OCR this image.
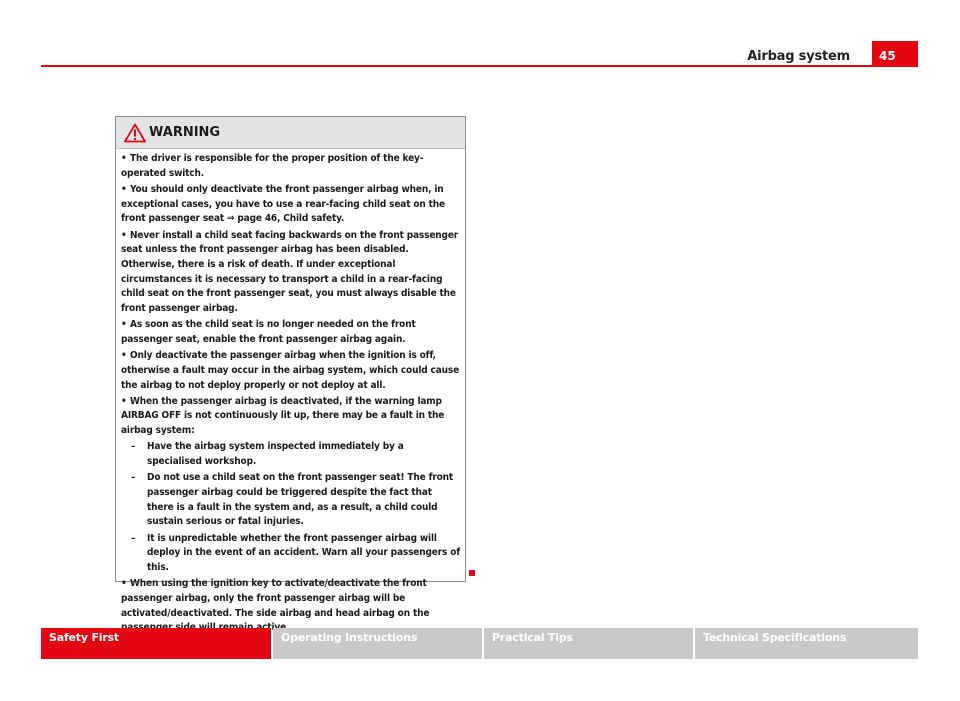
Airbag system 45
WARNING
• The driver is responsible for the proper position of the key-operated switch.
• You should only deactivate the front passenger airbag when, in exceptional cases, you have to use a rear-facing child seat on the front passenger seat ⇒ page 46, Child safety.
• Never install a child seat facing backwards on the front passenger seat unless the front passenger airbag has been disabled. Otherwise, there is a risk of death. If under exceptional circumstances it is necessary to transport a child in a rear-facing child seat on the front passenger seat, you must always disable the front passenger airbag.
• As soon as the child seat is no longer needed on the front passenger seat, enable the front passenger airbag again.
• Only deactivate the passenger airbag when the ignition is off, otherwise a fault may occur in the airbag system, which could cause the airbag to not deploy properly or not deploy at all.
• When the passenger airbag is deactivated, if the warning lamp AIRBAG OFF is not continuously lit up, there may be a fault in the airbag system:
– Have the airbag system inspected immediately by a specialised workshop.
– Do not use a child seat on the front passenger seat! The front passenger airbag could be triggered despite the fact that there is a fault in the system and, as a result, a child could sustain serious or fatal injuries.
– It is unpredictable whether the front passenger airbag will deploy in the event of an accident. Warn all your passengers of this.
• When using the ignition key to activate/deactivate the front passenger airbag, only the front passenger airbag will be activated/deactivated. The side airbag and head airbag on the
Safety First	Operating Instructions	Practical Tips	Technical Specifications
